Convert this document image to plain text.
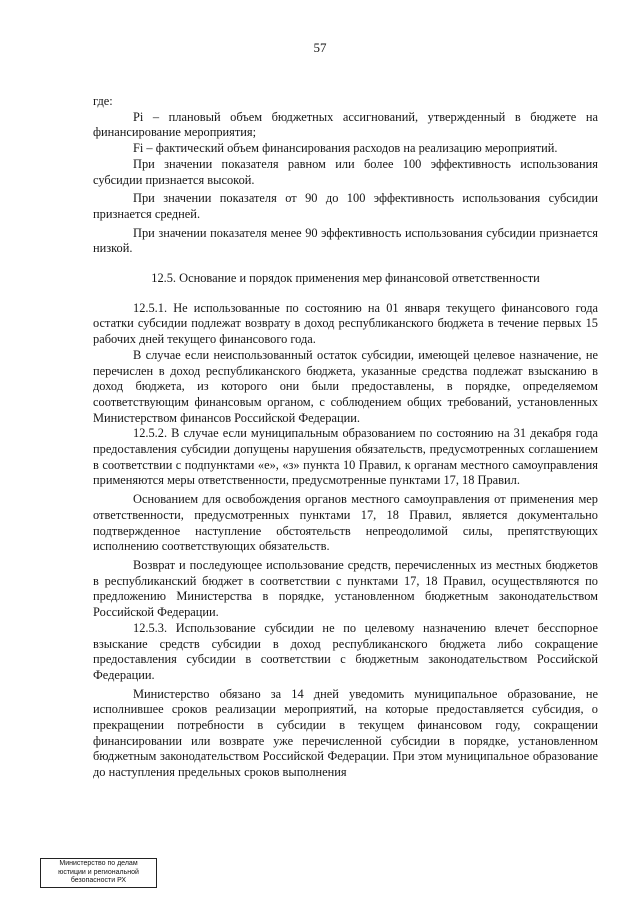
57

где:

Pi – плановый объем бюджетных ассигнований, утвержденный в бюджете на финансирование мероприятия;

Fi – фактический объем финансирования расходов на реализацию мероприятий.

При значении показателя равном или более 100 эффективность использования субсидии признается высокой.

При значении показателя от 90 до 100 эффективность использования субсидии признается средней.

При значении показателя менее 90 эффективность использования субсидии признается низкой.

12.5. Основание и порядок применения мер финансовой ответственности

12.5.1. Не использованные по состоянию на 01 января текущего финансового года остатки субсидии подлежат возврату в доход республиканского бюджета в течение первых 15 рабочих дней текущего финансового года.

В случае если неиспользованный остаток субсидии, имеющей целевое назначение, не перечислен в доход республиканского бюджета, указанные средства подлежат взысканию в доход бюджета, из которого они были предоставлены, в порядке, определяемом соответствующим финансовым органом, с соблюдением общих требований, установленных Министерством финансов Российской Федерации.

12.5.2. В случае если муниципальным образованием по состоянию на 31 декабря года предоставления субсидии допущены нарушения обязательств, предусмотренных соглашением в соответствии с подпунктами «е», «з» пункта 10 Правил, к органам местного самоуправления применяются меры ответственности, предусмотренные пунктами 17, 18 Правил.

Основанием для освобождения органов местного самоуправления от применения мер ответственности, предусмотренных пунктами 17, 18 Правил, является документально подтвержденное наступление обстоятельств непреодолимой силы, препятствующих исполнению соответствующих обязательств.

Возврат и последующее использование средств, перечисленных из местных бюджетов в республиканский бюджет в соответствии с пунктами 17, 18 Правил, осуществляются по предложению Министерства в порядке, установленном бюджетным законодательством Российской Федерации.

12.5.3. Использование субсидии не по целевому назначению влечет бесспорное взыскание средств субсидии в доход республиканского бюджета либо сокращение предоставления субсидии в соответствии с бюджетным законодательством Российской Федерации.

Министерство обязано за 14 дней уведомить муниципальное образование, не исполнившее сроков реализации мероприятий, на которые предоставляется субсидия, о прекращении потребности в субсидии в текущем финансовом году, сокращении финансировании или возврате уже перечисленной субсидии в порядке, установленном бюджетным законодательством Российской Федерации. При этом муниципальное образование до наступления предельных сроков выполнения

Министерство по делам
юстиции и региональной
безопасности РХ
